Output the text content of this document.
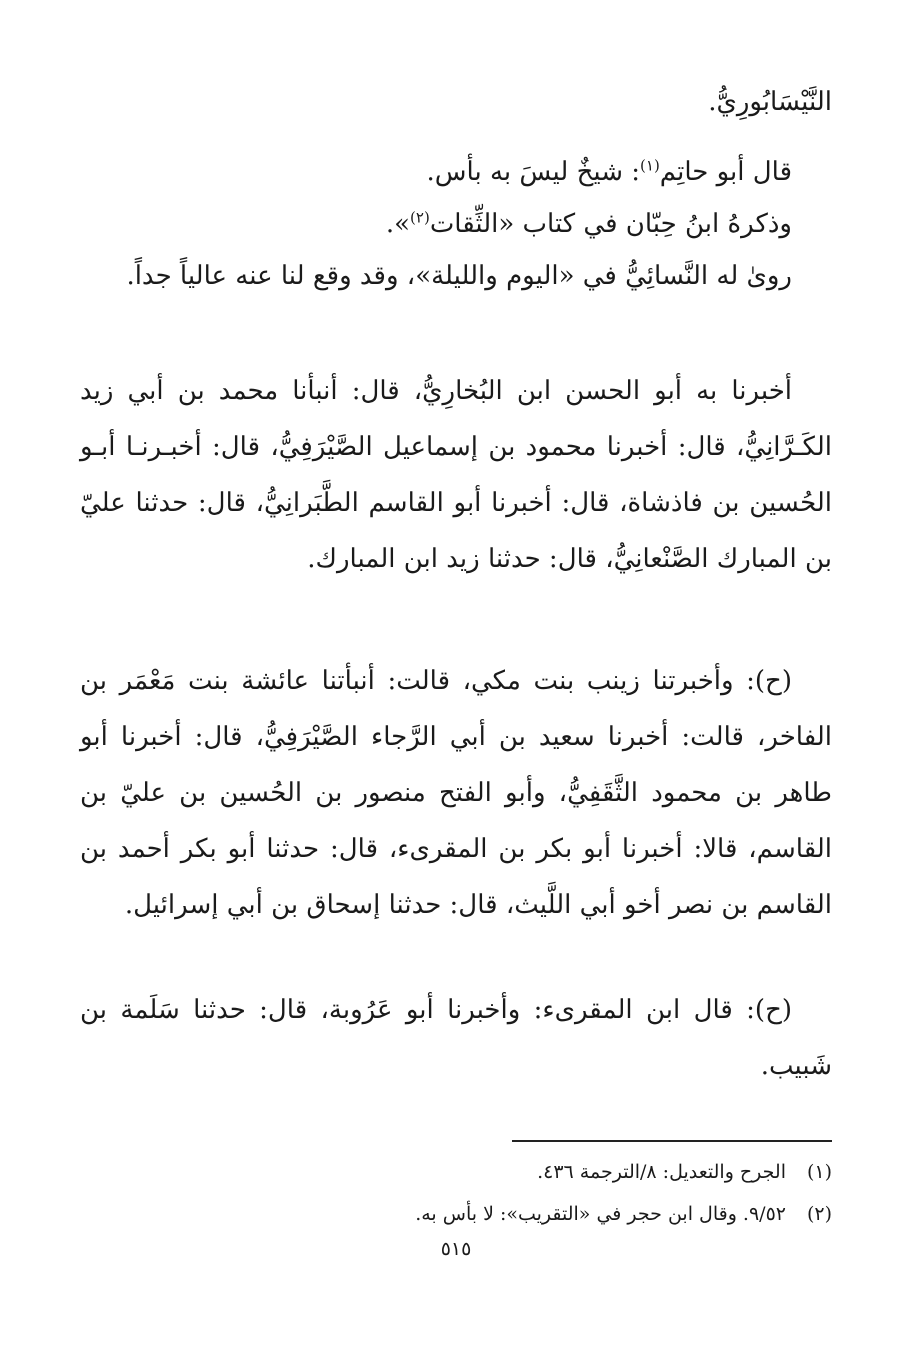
النَّيْسَابُورِيُّ.
قال أبو حاتِم$^{(١)}$: شيخٌ ليسَ به بأس.
وذكرهُ ابنُ حِبّان في كتاب «الثِّقات$^{(٢)}$».
روىٰ له النَّسائِيُّ في «اليوم والليلة»، وقد وقع لنا عنه عالياً جداً.
أخبرنا به أبو الحسن ابن البُخارِيُّ، قال: أنبأنا محمد بن أبي زيد الكَـرَّانِيُّ، قال: أخبرنا محمود بن إسماعيل الصَّيْرَفِيُّ، قال: أخبـرنـا أبـو الحُسين بن فاذشاة، قال: أخبرنا أبو القاسم الطَّبَرانِيُّ، قال: حدثنا عليّ بن المبارك الصَّنْعانِيُّ، قال: حدثنا زيد ابن المبارك.
(ح): وأخبرتنا زينب بنت مكي، قالت: أنبأتنا عائشة بنت مَعْمَر بن الفاخر، قالت: أخبرنا سعيد بن أبي الرَّجاء الصَّيْرَفِيُّ، قال: أخبرنا أبو طاهر بن محمود الثَّقَفِيُّ، وأبو الفتح منصور بن الحُسين بن عليّ بن القاسم، قالا: أخبرنا أبو بكر بن المقرىء، قال: حدثنا أبو بكر أحمد بن القاسم بن نصر أخو أبي اللَّيث، قال: حدثنا إسحاق بن أبي إسرائيل.
(ح): قال ابن المقرىء: وأخبرنا أبو عَرُوبة، قال: حدثنا سَلَمة بن شَبيب.
(١)الجرح والتعديل: ٨/الترجمة ٤٣٦.
(٢)٩/٥٢. وقال ابن حجر في «التقريب»: لا بأس به.
٥١٥
